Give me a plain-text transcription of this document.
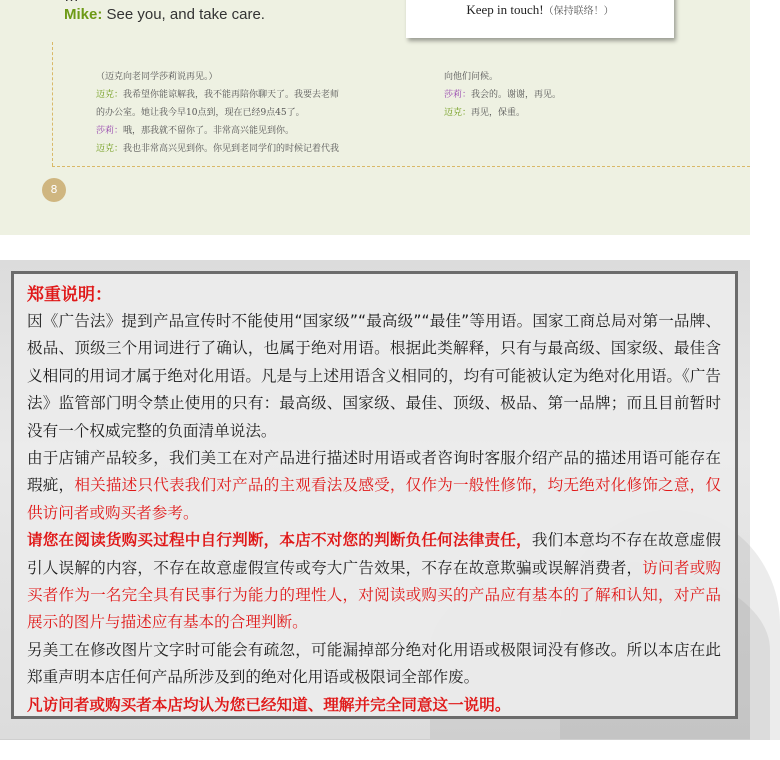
Mike: See you, and take care.	Keep in touch!（保持联络！）
（迈克向老同学莎莉说再见。）
迈克：我希望你能谅解我，我不能再陪你聊天了。我要去老师
的办公室。她让我今早10点到，现在已经9点45了。
莎莉：哦，那我就不留你了。非常高兴能见到你。
迈克：我也非常高兴见到你。你见到老同学们的时候记着代我
向他们问候。
莎莉：我会的。谢谢，再见。
迈克：再见，保重。
8
郑重说明：
因《广告法》提到产品宣传时不能使用“国家级”“最高级”“最佳”等用语。国家工商总局对第一品牌、极品、顶级三个用词进行了确认，也属于绝对用语。根据此类解释，只有与最高级、国家级、最佳含义相同的用词才属于绝对化用语。凡是与上述用语含义相同的，均有可能被认定为绝对化用语。《广告法》监管部门明令禁止使用的只有：最高级、国家级、最佳、顶级、极品、第一品牌；而且目前暂时没有一个权威完整的负面清单说法。
由于店铺产品较多，我们美工在对产品进行描述时用语或者咨询时客服介绍产品的描述用语可能存在瑕疵，相关描述只代表我们对产品的主观看法及感受，仅作为一般性修饰，均无绝对化修饰之意，仅供访问者或购买者参考。
请您在阅读货购买过程中自行判断，本店不对您的判断负任何法律责任，我们本意均不存在故意虚假引人误解的内容，不存在故意虚假宣传或夸大广告效果，不存在故意欺骗或误解消费者，访问者或购买者作为一名完全具有民事行为能力的理性人，对阅读或购买的产品应有基本的了解和认知，对产品展示的图片与描述应有基本的合理判断。
另美工在修改图片文字时可能会有疏忽，可能漏掉部分绝对化用语或极限词没有修改。所以本店在此郑重声明本店任何产品所涉及到的绝对化用语或极限词全部作废。
凡访问者或购买者本店均认为您已经知道、理解并完全同意这一说明。
